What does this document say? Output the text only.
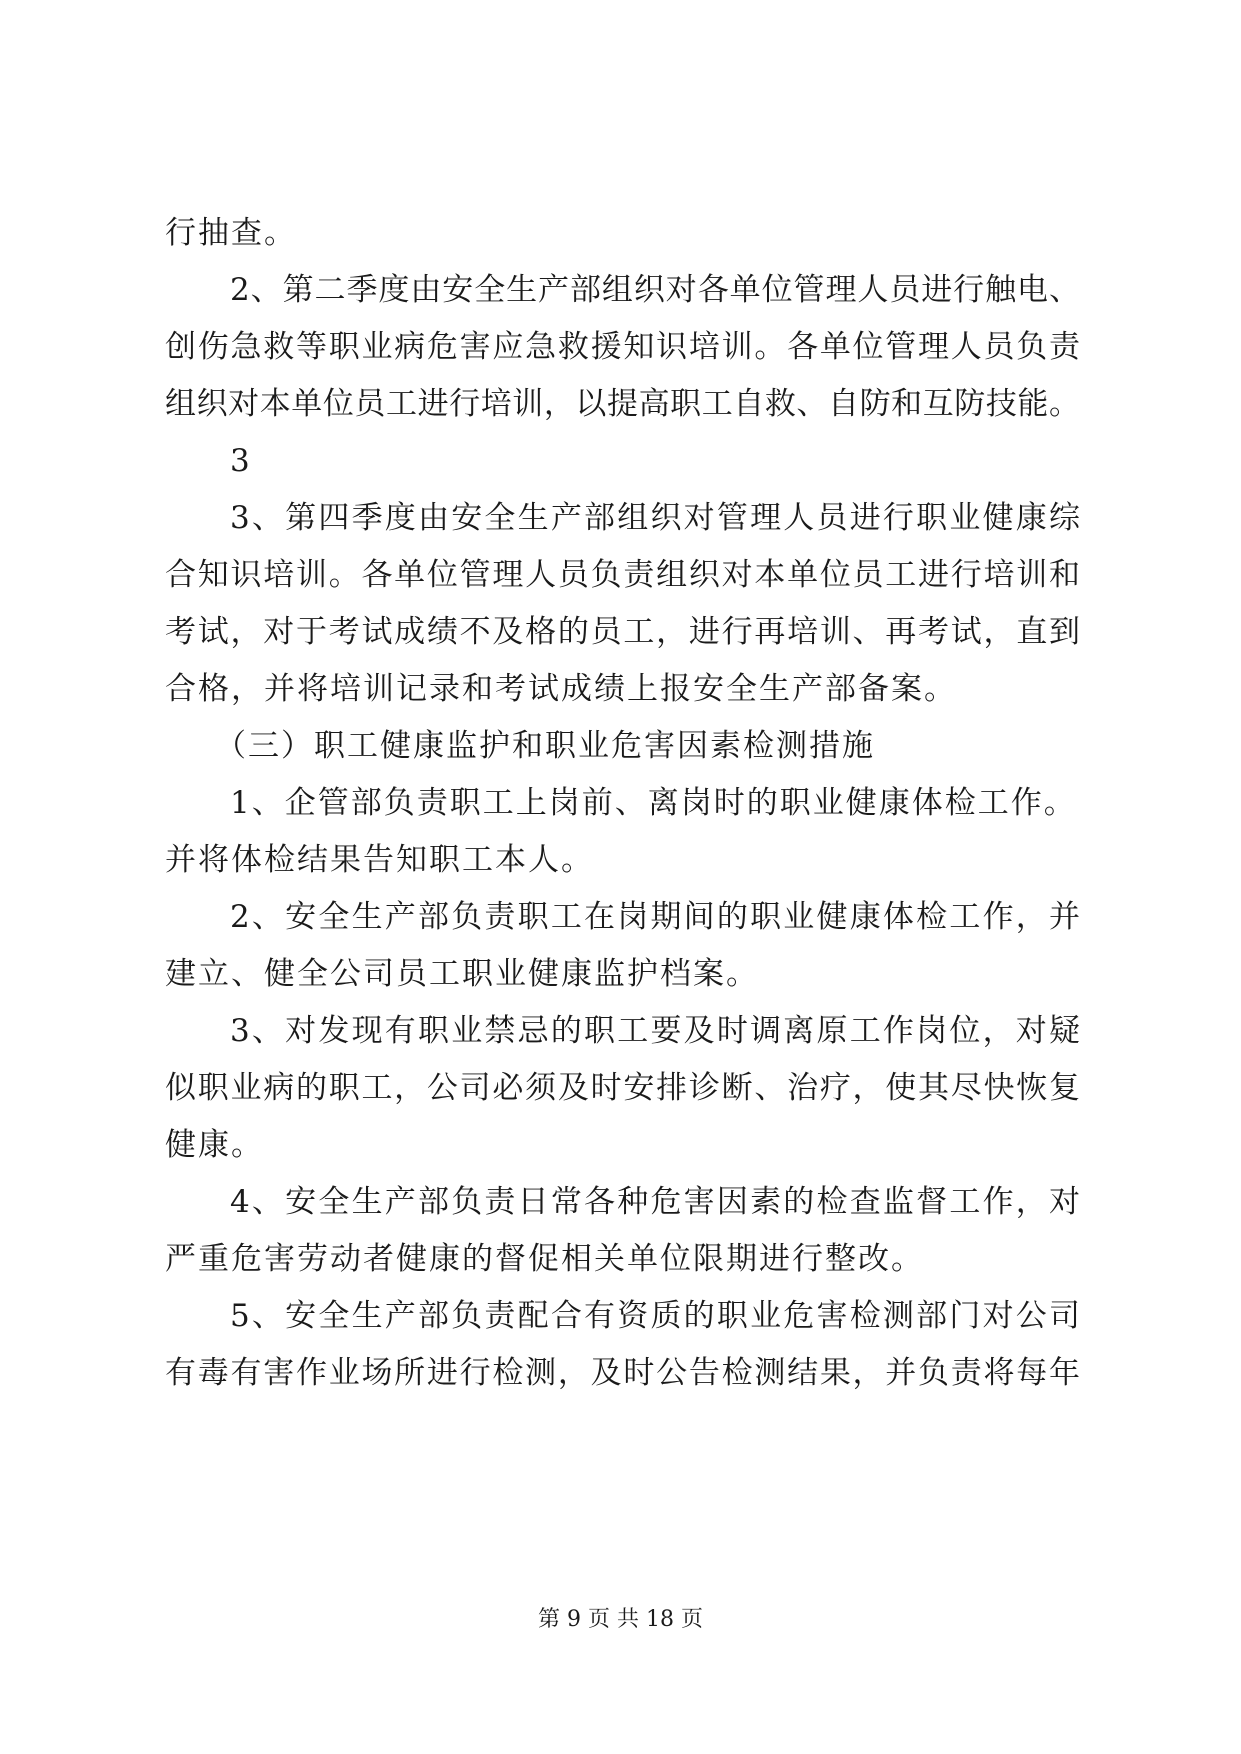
行抽查。
2、第二季度由安全生产部组织对各单位管理人员进行触电、
创伤急救等职业病危害应急救援知识培训。各单位管理人员负责
组织对本单位员工进行培训，以提高职工自救、自防和互防技能。
3
3、第四季度由安全生产部组织对管理人员进行职业健康综
合知识培训。各单位管理人员负责组织对本单位员工进行培训和
考试，对于考试成绩不及格的员工，进行再培训、再考试，直到
合格，并将培训记录和考试成绩上报安全生产部备案。
（三）职工健康监护和职业危害因素检测措施
1、企管部负责职工上岗前、离岗时的职业健康体检工作。
并将体检结果告知职工本人。
2、安全生产部负责职工在岗期间的职业健康体检工作，并
建立、健全公司员工职业健康监护档案。
3、对发现有职业禁忌的职工要及时调离原工作岗位，对疑
似职业病的职工，公司必须及时安排诊断、治疗，使其尽快恢复
健康。
4、安全生产部负责日常各种危害因素的检查监督工作，对
严重危害劳动者健康的督促相关单位限期进行整改。
5、安全生产部负责配合有资质的职业危害检测部门对公司
有毒有害作业场所进行检测，及时公告检测结果，并负责将每年
第 9 页 共 18 页
